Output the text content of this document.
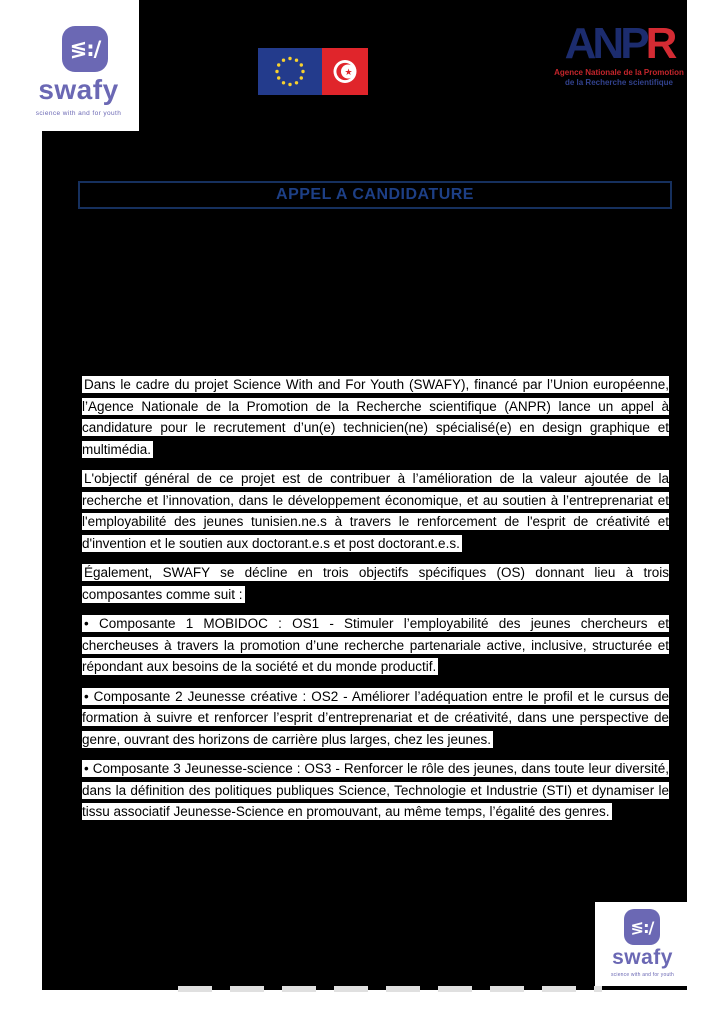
≶:/
swafy
science with and for youth
★
ANPR
Agence Nationale de la Promotion
de la Recherche scientifique
APPEL A CANDIDATURE

Dans le cadre du projet Science With and For Youth (SWAFY), financé par l’Union européenne, l’Agence Nationale de la Promotion de la Recherche scientifique (ANPR) lance un appel à candidature pour le recrutement d’un(e) technicien(ne) spécialisé(e) en design graphique et multimédia.

L'objectif général de ce projet est de contribuer à l’amélioration de la valeur ajoutée de la recherche et l’innovation, dans le développement économique, et au soutien à l’entreprenariat et l'employabilité des jeunes tunisien.ne.s à travers le renforcement de l'esprit de créativité et d'invention et le soutien aux doctorant.e.s et post doctorant.e.s.

Également, SWAFY se décline en trois objectifs spécifiques (OS) donnant lieu à trois composantes comme suit :

• Composante 1 MOBIDOC : OS1 - Stimuler l’employabilité des jeunes chercheurs et chercheuses à travers la promotion d’une recherche partenariale active, inclusive, structurée et répondant aux besoins de la société et du monde productif.

• Composante 2 Jeunesse créative : OS2 - Améliorer l’adéquation entre le profil et le cursus de formation à suivre et renforcer l’esprit d’entreprenariat et de créativité, dans une perspective de genre, ouvrant des horizons de carrière plus larges, chez les jeunes.

• Composante 3 Jeunesse-science : OS3 - Renforcer le rôle des jeunes, dans toute leur diversité, dans la définition des politiques publiques Science, Technologie et Industrie (STI) et dynamiser le tissu associatif Jeunesse-Science en promouvant, au même temps, l’égalité des genres.

≶:/
swafy
science with and for youth
